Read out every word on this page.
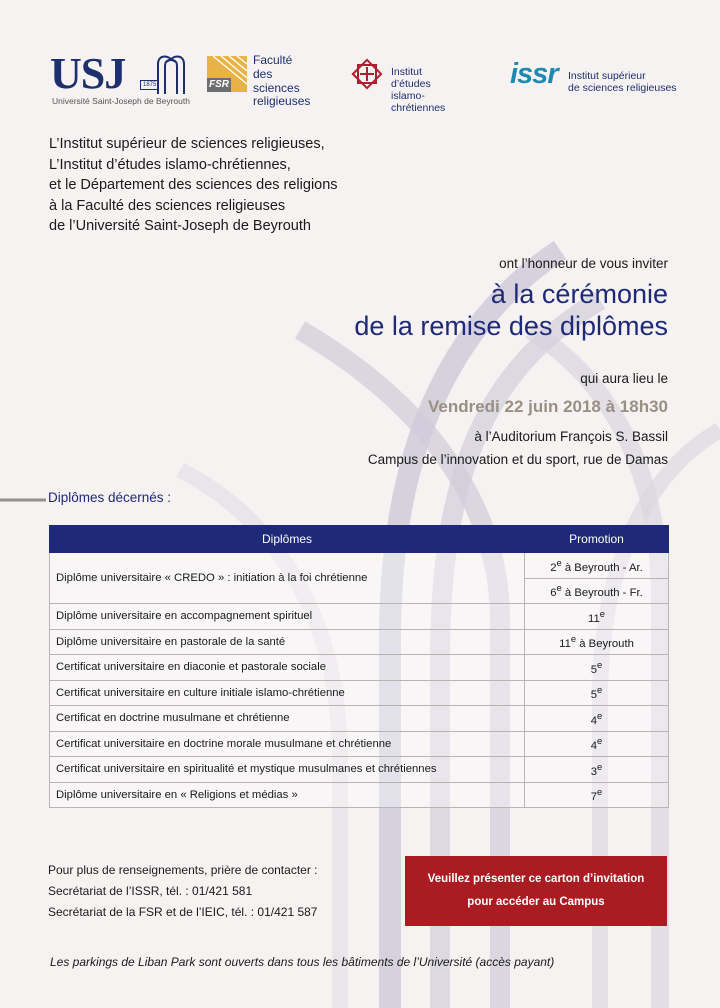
USJ	1875
Université Saint-Joseph de Beyrouth
FSR
Faculté
des sciences
religieuses
Institut d’études
islamo-chrétiennes
issr Institut supérieur
de sciences religieuses
L’Institut supérieur de sciences religieuses,
L’Institut d’études islamo-chrétiennes,
et le Département des sciences des religions
à la Faculté des sciences religieuses
de l’Université Saint-Joseph de Beyrouth
ont l’honneur de vous inviter
à la cérémonie
de la remise des diplômes
qui aura lieu le
Vendredi 22 juin 2018 à 18h30
à l’Auditorium François S. Bassil
Campus de l’innovation et du sport, rue de Damas
Diplômes décernés :
Diplômes	Promotion
Diplôme universitaire « CREDO » : initiation à la foi chrétienne	2e à Beyrouth - Ar.
	6e à Beyrouth - Fr.
Diplôme universitaire en accompagnement spirituel	11e
Diplôme universitaire en pastorale de la santé	11e à Beyrouth
Certificat universitaire en diaconie et pastorale sociale	5e
Certificat universitaire en culture initiale islamo-chrétienne	5e
Certificat en doctrine musulmane et chrétienne	4e
Certificat universitaire en doctrine morale musulmane et chrétienne	4e
Certificat universitaire en spiritualité et mystique musulmanes et chrétiennes	3e
Diplôme universitaire en « Religions et médias »	7e
Pour plus de renseignements, prière de contacter :
Secrétariat de l’ISSR, tél. : 01/421 581
Secrétariat de la FSR et de l’IEIC, tél. : 01/421 587
Veuillez présenter ce carton d’invitation
pour accéder au Campus
Les parkings de Liban Park sont ouverts dans tous les bâtiments de l’Université (accès payant)
